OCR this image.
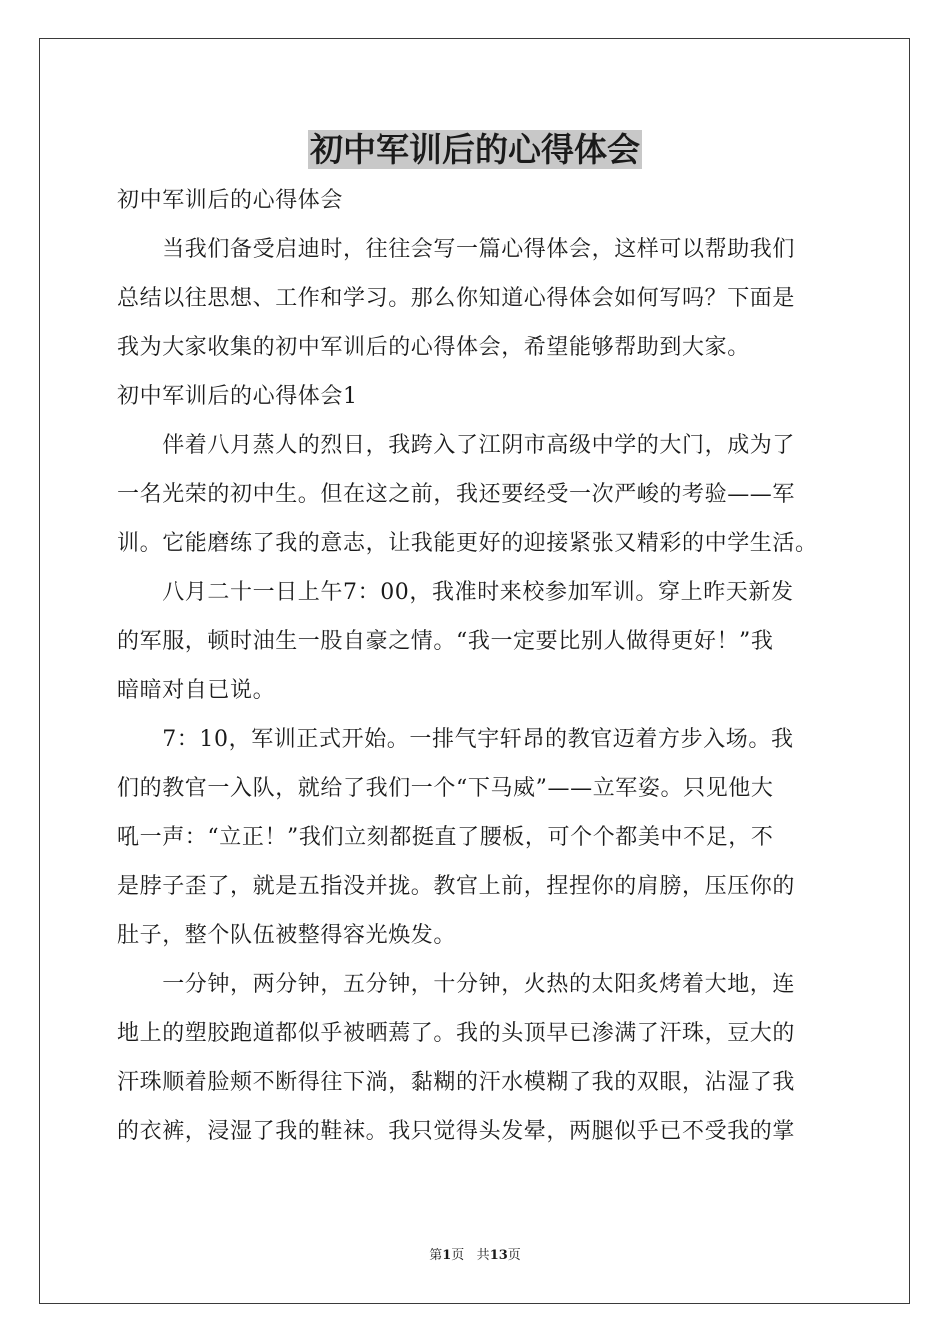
初中军训后的心得体会
初中军训后的心得体会
　　当我们备受启迪时，往往会写一篇心得体会，这样可以帮助我们
总结以往思想、工作和学习。那么你知道心得体会如何写吗？下面是
我为大家收集的初中军训后的心得体会，希望能够帮助到大家。
初中军训后的心得体会1
　　伴着八月蒸人的烈日，我跨入了江阴市高级中学的大门，成为了
一名光荣的初中生。但在这之前，我还要经受一次严峻的考验——军
训。它能磨练了我的意志，让我能更好的迎接紧张又精彩的中学生活。
　　八月二十一日上午7：00，我准时来校参加军训。穿上昨天新发
的军服，顿时油生一股自豪之情。“我一定要比别人做得更好！”我
暗暗对自已说。
　　7：10，军训正式开始。一排气宇轩昂的教官迈着方步入场。我
们的教官一入队，就给了我们一个“下马威”——立军姿。只见他大
吼一声：“立正！”我们立刻都挺直了腰板，可个个都美中不足，不
是脖子歪了，就是五指没并拢。教官上前，捏捏你的肩膀，压压你的
肚子，整个队伍被整得容光焕发。
　　一分钟，两分钟，五分钟，十分钟，火热的太阳炙烤着大地，连
地上的塑胶跑道都似乎被晒蔫了。我的头顶早已渗满了汗珠，豆大的
汗珠顺着脸颊不断得往下淌，黏糊的汗水模糊了我的双眼，沾湿了我
的衣裤，浸湿了我的鞋袜。我只觉得头发晕，两腿似乎已不受我的掌
第1页 共13页
